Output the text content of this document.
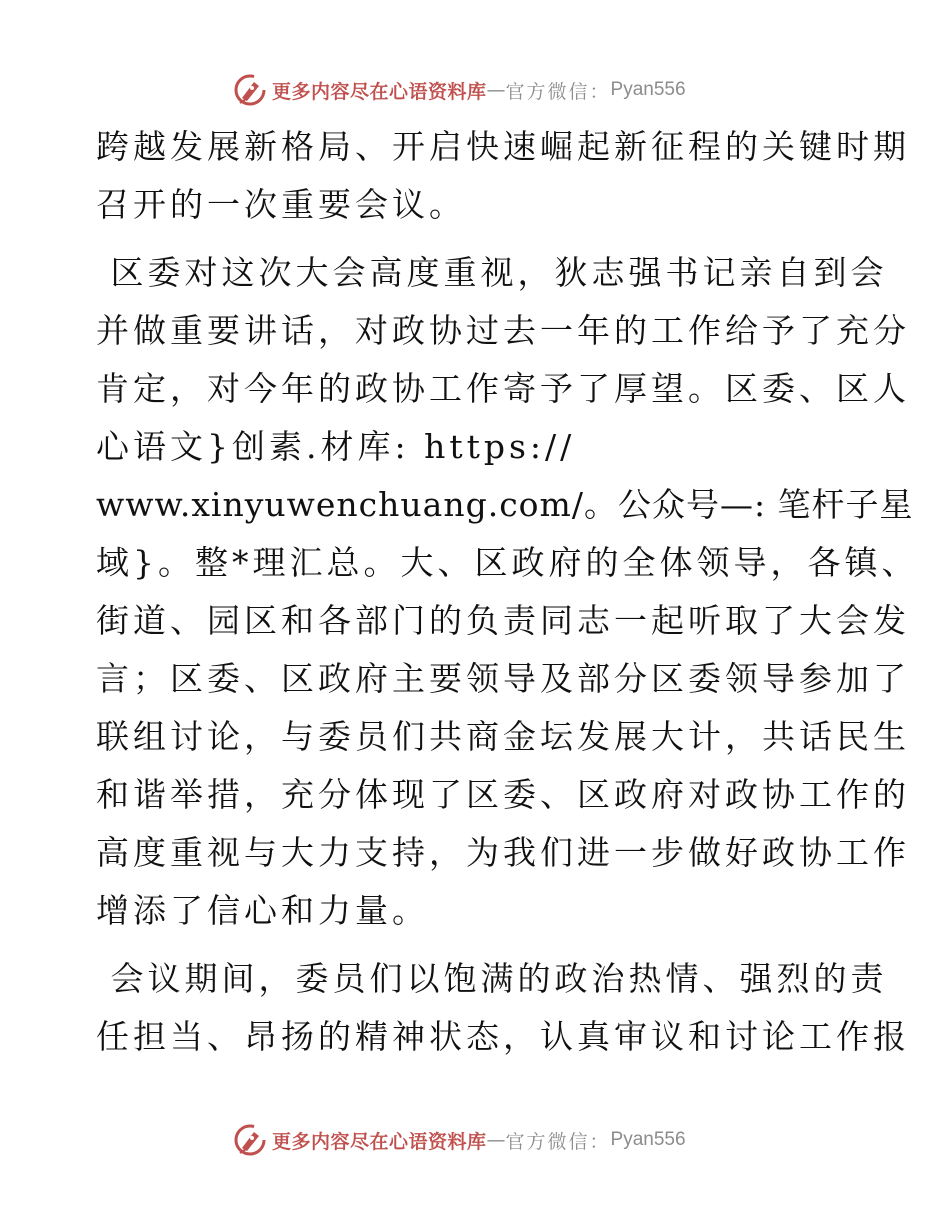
更多内容尽在心语资料库 — 官方微信： Pyan556
跨越发展新格局、开启快速崛起新征程的关键时期
召开的一次重要会议。
区委对这次大会高度重视，狄志强书记亲自到会
并做重要讲话，对政协过去一年的工作给予了充分
肯定，对今年的政协工作寄予了厚望。区委、区人
心语文}创素.材库: https://
www.xinyuwenchuang.com/。公众号—: 笔杆子星
域}。整*理汇总。大、区政府的全体领导，各镇、
街道、园区和各部门的负责同志一起听取了大会发
言；区委、区政府主要领导及部分区委领导参加了
联组讨论，与委员们共商金坛发展大计，共话民生
和谐举措，充分体现了区委、区政府对政协工作的
高度重视与大力支持，为我们进一步做好政协工作
增添了信心和力量。
会议期间，委员们以饱满的政治热情、强烈的责
任担当、昂扬的精神状态，认真审议和讨论工作报
更多内容尽在心语资料库 — 官方微信： Pyan556
